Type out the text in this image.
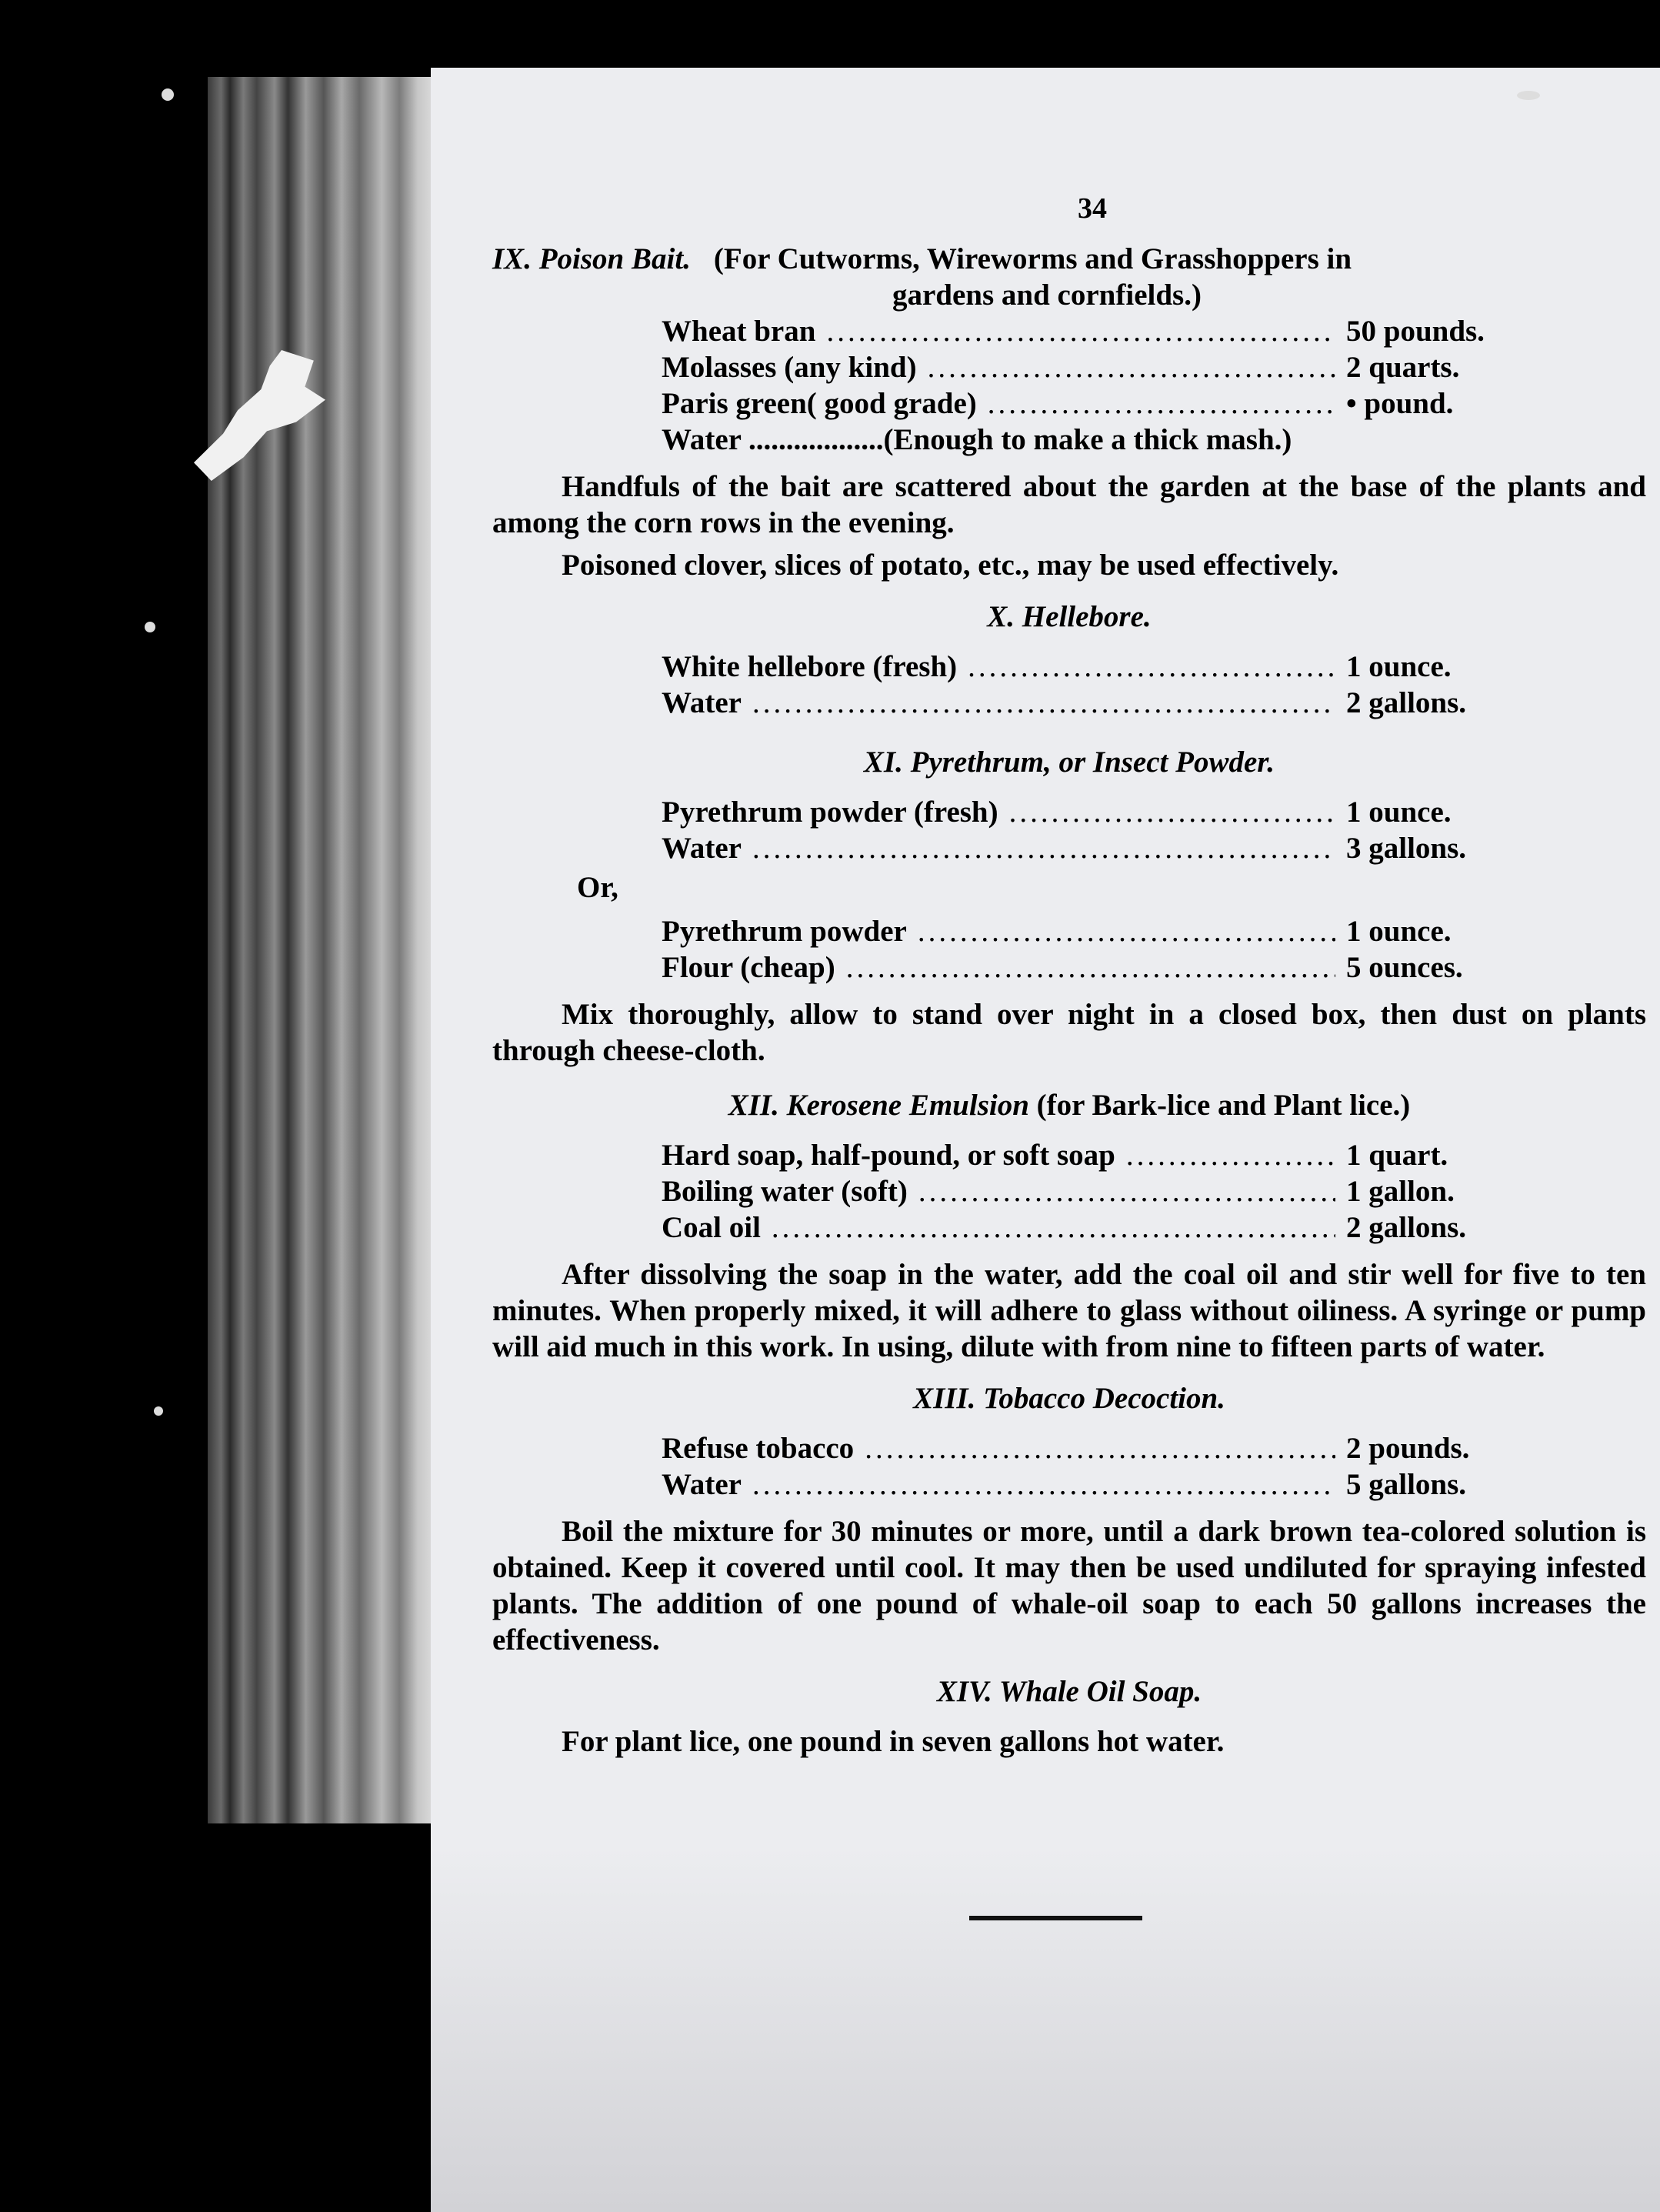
34
IX. Poison Bait. (For Cutworms, Wireworms and Grasshoppers in
gardens and cornfields.)
Wheat bran .....	50 pounds.
Molasses (any kind) .....	2 quarts.
Paris green( good grade) .....	• pound.
Water ..................(Enough to make a thick mash.)

Handfuls of the bait are scattered about the garden at the base of the plants and among the corn rows in the evening.

Poisoned clover, slices of potato, etc., may be used effectively.

X. Hellebore.
White hellebore (fresh) .....	1 ounce.
Water .....	2 gallons.
XI. Pyrethrum, or Insect Powder.
Pyrethrum powder (fresh) .....	1 ounce.
Water .....	3 gallons.
Or,
Pyrethrum powder .....	1 ounce.
Flour (cheap) .....	5 ounces.

Mix thoroughly, allow to stand over night in a closed box, then dust on plants through cheese-cloth.

XII. Kerosene Emulsion (for Bark-lice and Plant lice.)
Hard soap, half-pound, or soft soap .....	1 quart.
Boiling water (soft) .....	1 gallon.
Coal oil .....	2 gallons.

After dissolving the soap in the water, add the coal oil and stir well for five to ten minutes. When properly mixed, it will adhere to glass without oiliness. A syringe or pump will aid much in this work. In using, dilute with from nine to fifteen parts of water.

XIII. Tobacco Decoction.
Refuse tobacco .....	2 pounds.
Water .....	5 gallons.

Boil the mixture for 30 minutes or more, until a dark brown tea-colored solution is obtained. Keep it covered until cool. It may then be used undiluted for spraying infested plants. The addition of one pound of whale-oil soap to each 50 gallons increases the effectiveness.

XIV. Whale Oil Soap.

For plant lice, one pound in seven gallons hot water.
